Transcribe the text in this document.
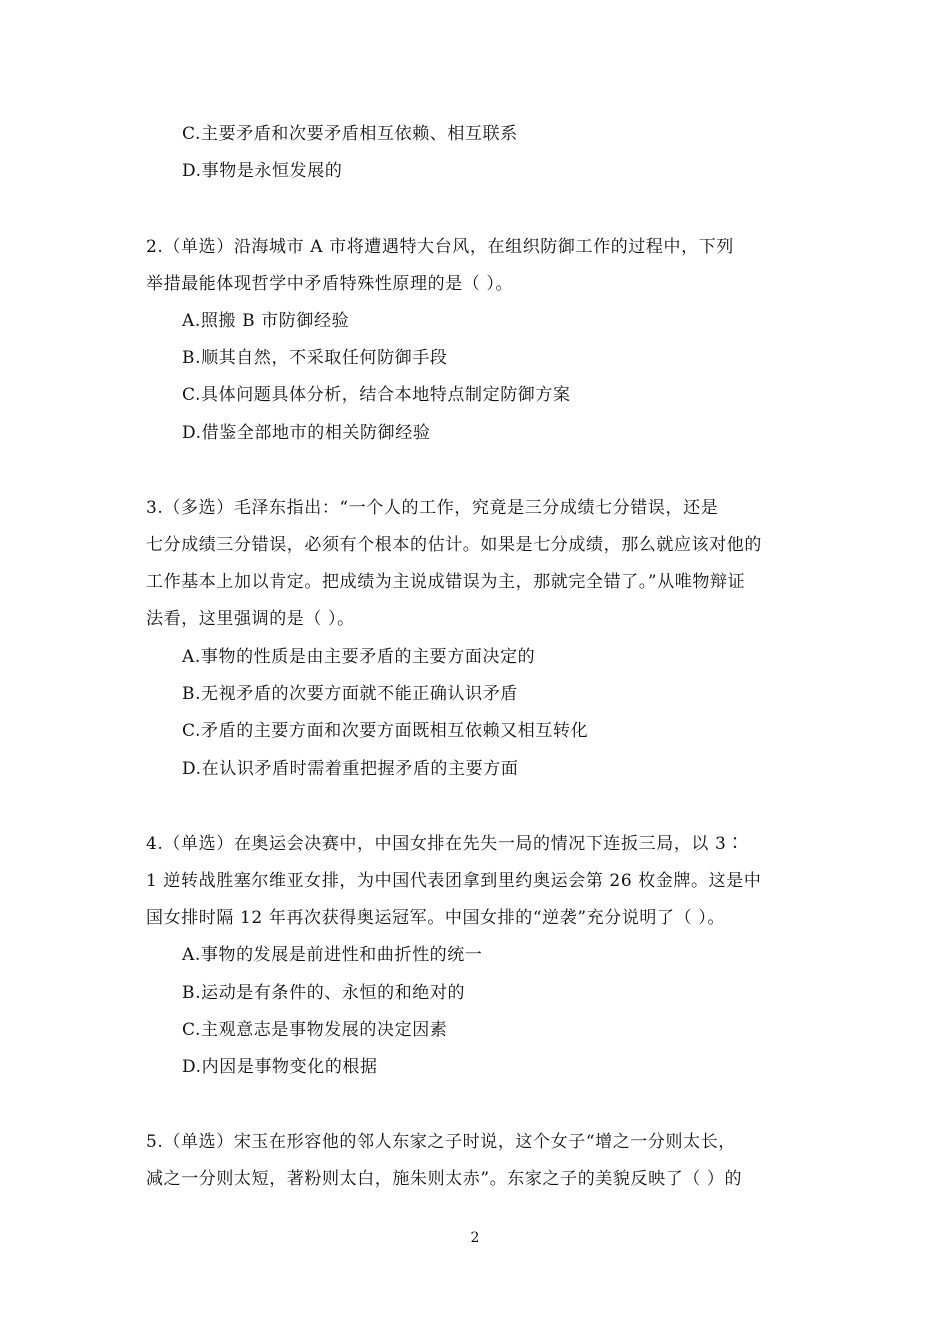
C.主要矛盾和次要矛盾相互依赖、相互联系
D.事物是永恒发展的
2.（单选）沿海城市 A 市将遭遇特大台风，在组织防御工作的过程中，下列
举措最能体现哲学中矛盾特殊性原理的是（ ）。
A.照搬 B 市防御经验
B.顺其自然，不采取任何防御手段
C.具体问题具体分析，结合本地特点制定防御方案
D.借鉴全部地市的相关防御经验
3.（多选）毛泽东指出：“一个人的工作，究竟是三分成绩七分错误，还是
七分成绩三分错误，必须有个根本的估计。如果是七分成绩，那么就应该对他的
工作基本上加以肯定。把成绩为主说成错误为主，那就完全错了。”从唯物辩证
法看，这里强调的是（ ）。
A.事物的性质是由主要矛盾的主要方面决定的
B.无视矛盾的次要方面就不能正确认识矛盾
C.矛盾的主要方面和次要方面既相互依赖又相互转化
D.在认识矛盾时需着重把握矛盾的主要方面
4.（单选）在奥运会决赛中，中国女排在先失一局的情况下连扳三局，以 3∶
1 逆转战胜塞尔维亚女排，为中国代表团拿到里约奥运会第 26 枚金牌。这是中
国女排时隔 12 年再次获得奥运冠军。中国女排的“逆袭”充分说明了（ ）。
A.事物的发展是前进性和曲折性的统一
B.运动是有条件的、永恒的和绝对的
C.主观意志是事物发展的决定因素
D.内因是事物变化的根据
5.（单选）宋玉在形容他的邻人东家之子时说，这个女子“增之一分则太长，
减之一分则太短，著粉则太白，施朱则太赤”。东家之子的美貌反映了（ ）的
2
